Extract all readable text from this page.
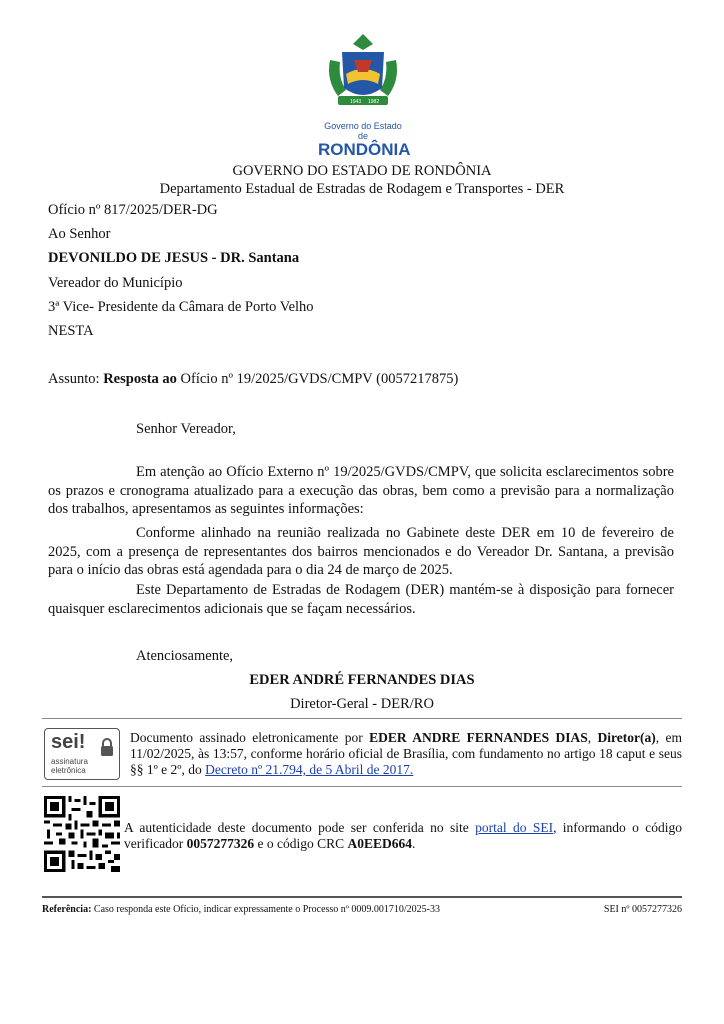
1943 1982
Governo do Estado de
RONDÔNIA
GOVERNO DO ESTADO DE RONDÔNIA
Departamento Estadual de Estradas de Rodagem e Transportes - DER
Ofício nº 817/2025/DER-DG
Ao Senhor
DEVONILDO DE JESUS - DR. Santana
Vereador do Município
3ª Vice- Presidente da Câmara de Porto Velho
NESTA
Assunto: Resposta ao Ofício nº 19/2025/GVDS/CMPV (0057217875)
Senhor Vereador,
Em atenção ao Ofício Externo nº 19/2025/GVDS/CMPV, que solicita esclarecimentos sobre os prazos e cronograma atualizado para a execução das obras, bem como a previsão para a normalização dos trabalhos, apresentamos as seguintes informações:
Conforme alinhado na reunião realizada no Gabinete deste DER em 10 de fevereiro de 2025, com a presença de representantes dos bairros mencionados e do Vereador Dr. Santana, a previsão para o início das obras está agendada para o dia 24 de março de 2025.
Este Departamento de Estradas de Rodagem (DER) mantém-se à disposição para fornecer quaisquer esclarecimentos adicionais que se façam necessários.
Atenciosamente,
EDER ANDRÉ FERNANDES DIAS
Diretor-Geral - DER/RO
sei!
assinatura
eletrônica
Documento assinado eletronicamente por EDER ANDRE FERNANDES DIAS, Diretor(a), em 11/02/2025, às 13:57, conforme horário oficial de Brasília, com fundamento no artigo 18 caput e seus §§ 1º e 2º, do Decreto nº 21.794, de 5 Abril de 2017.
A autenticidade deste documento pode ser conferida no site portal do SEI, informando o código verificador 0057277326 e o código CRC A0EED664.
Referência: Caso responda este Ofício, indicar expressamente o Processo nº 0009.001710/2025-33	SEI nº 0057277326
